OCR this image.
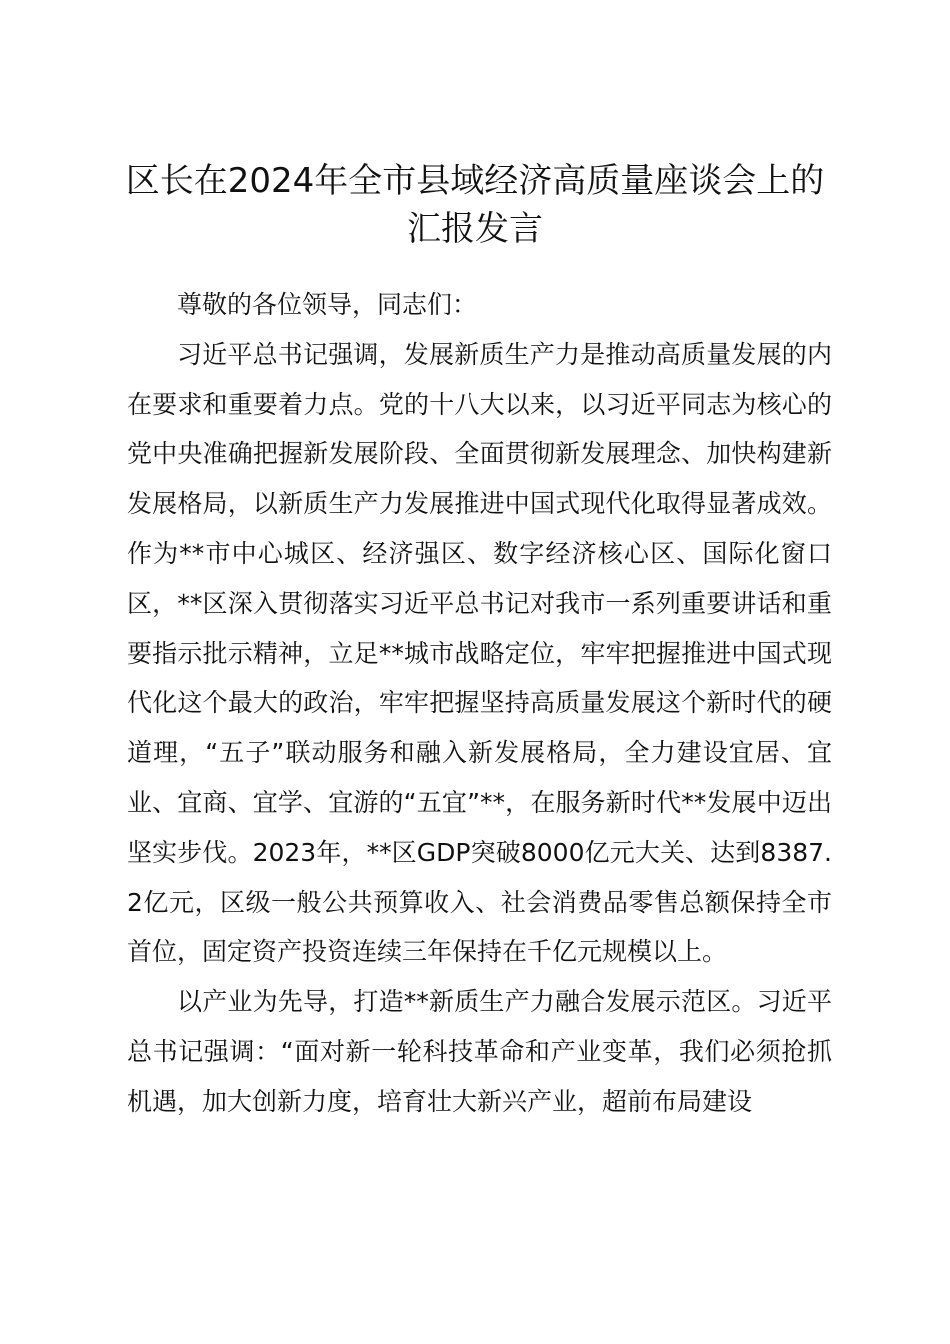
区长在2024年全市县域经济高质量座谈会上的汇报发言

尊敬的各位领导，同志们：

习近平总书记强调，发展新质生产力是推动高质量发展的内在要求和重要着力点。党的十八大以来，以习近平同志为核心的党中央准确把握新发展阶段、全面贯彻新发展理念、加快构建新发展格局，以新质生产力发展推进中国式现代化取得显著成效。作为**市中心城区、经济强区、数字经济核心区、国际化窗口区，**区深入贯彻落实习近平总书记对我市一系列重要讲话和重要指示批示精神，立足**城市战略定位，牢牢把握推进中国式现代化这个最大的政治，牢牢把握坚持高质量发展这个新时代的硬道理，“五子”联动服务和融入新发展格局，全力建设宜居、宜业、宜商、宜学、宜游的“五宜”**，在服务新时代**发展中迈出坚实步伐。2023年，**区GDP突破8000亿元大关、达到8387.2亿元，区级一般公共预算收入、社会消费品零售总额保持全市首位，固定资产投资连续三年保持在千亿元规模以上。

以产业为先导，打造**新质生产力融合发展示范区。习近平总书记强调：“面对新一轮科技革命和产业变革，我们必须抢抓机遇，加大创新力度，培育壮大新兴产业，超前布局建设
